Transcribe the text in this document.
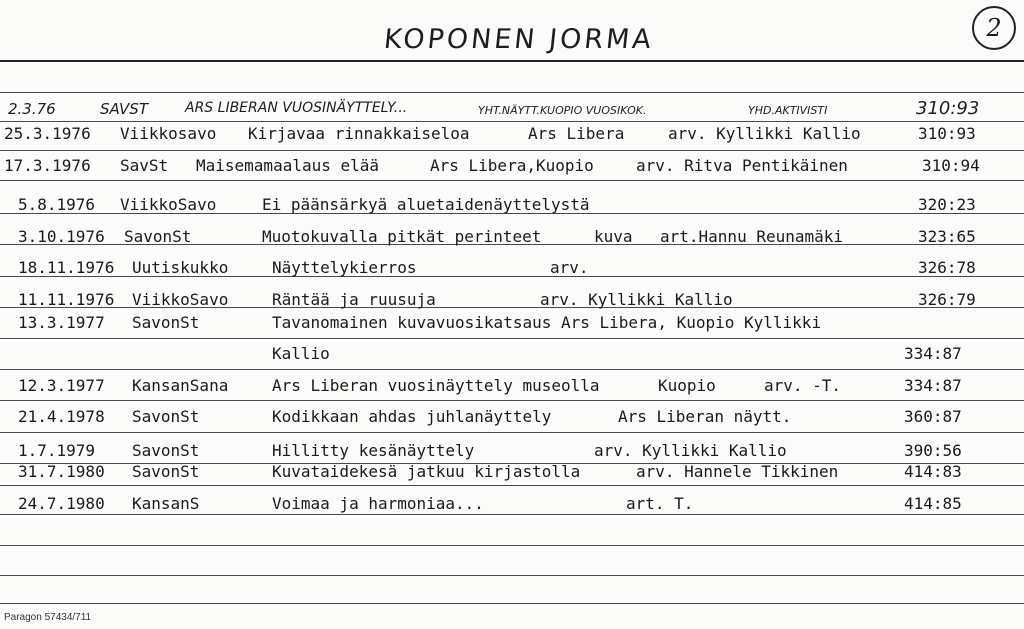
KOPONEN JORMA	2
2.3.76	SAVST	ARS LIBERAN VUOSINÄYTTELY...	YHT.NÄYTT.KUOPIO VUOSIKOK.	YHD.AKTIVISTI	310:93
25.3.1976 Viikkosavo Kirjavaa rinnakkaiseloa	Ars Libera	arv. Kyllikki Kallio	310:93
17.3.1976 SavSt Maisemamaalaus elää	Ars Libera,Kuopio	arv. Ritva Pentikäinen	310:94
5.8.1976 ViikkoSavo	Ei päänsärkyä aluetaidenäyttelystä	320:23
3.10.1976 SavonSt	Muotokuvalla pitkät perinteet	kuva art.Hannu Reunamäki	323:65
18.11.1976 Uutiskukko	Näyttelykierros	arv.	326:78
11.11.1976 ViikkoSavo	Räntää ja ruusuja	arv. Kyllikki Kallio	326:79
13.3.1977 SavonSt	Tavanomainen kuvavuosikatsaus Ars Libera, Kuopio Kyllikki
Kallio	334:87
12.3.1977 KansanSana	Ars Liberan vuosinäyttely museolla	Kuopio	arv. -T.	334:87
21.4.1978 SavonSt	Kodikkaan ahdas juhlanäyttely	Ars Liberan näytt.	360:87
1.7.1979 SavonSt	Hillitty kesänäyttely	arv. Kyllikki Kallio	390:56
31.7.1980 SavonSt	Kuvataidekesä jatkuu kirjastolla	arv. Hannele Tikkinen	414:83
24.7.1980 KansanS	Voimaa ja harmoniaa...	art. T.	414:85
Paragon 57434/711
